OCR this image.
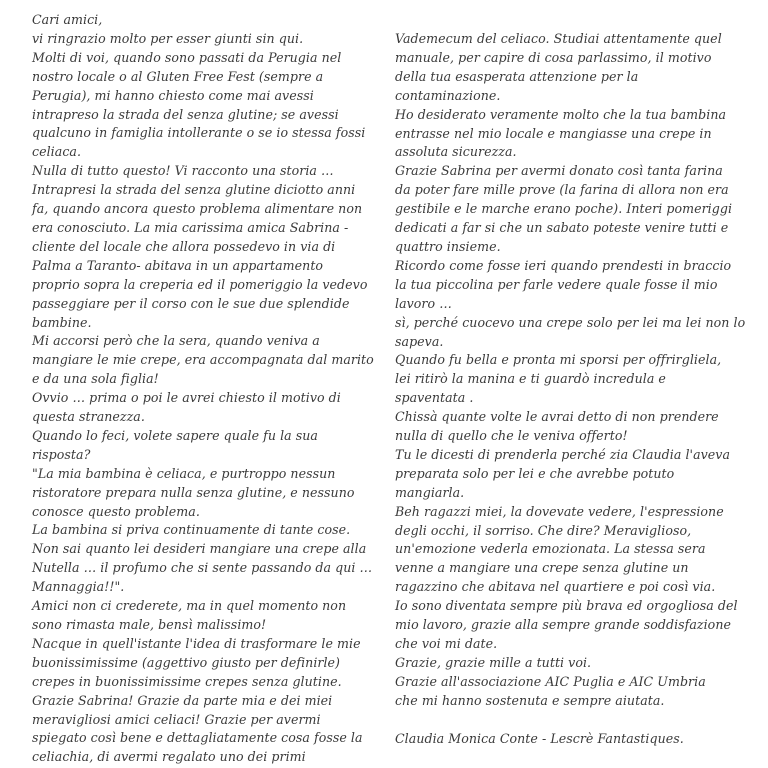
Cari amici,
vi ringrazio molto per esser giunti sin qui.
Molti di voi, quando sono passati da Perugia nel
nostro locale o al Gluten Free Fest (sempre a
Perugia), mi hanno chiesto come mai avessi
intrapreso la strada del senza glutine; se avessi
qualcuno in famiglia intollerante o se io stessa fossi
celiaca.
Nulla di tutto questo! Vi racconto una storia …
Intrapresi la strada del senza glutine diciotto anni
fa, quando ancora questo problema alimentare non
era conosciuto. La mia carissima amica Sabrina -
cliente del locale che allora possedevo in via di
Palma a Taranto- abitava in un appartamento
proprio sopra la creperia ed il pomeriggio la vedevo
passeggiare per il corso con le sue due splendide
bambine.
Mi accorsi però che la sera, quando veniva a
mangiare le mie crepe, era accompagnata dal marito
e da una sola figlia!
Ovvio … prima o poi le avrei chiesto il motivo di
questa stranezza.
Quando lo feci, volete sapere quale fu la sua
risposta?
"La mia bambina è celiaca, e purtroppo nessun
ristoratore prepara nulla senza glutine, e nessuno
conosce questo problema.
La bambina si priva continuamente di tante cose.
Non sai quanto lei desideri mangiare una crepe alla
Nutella … il profumo che si sente passando da qui …
Mannaggia!!".
Amici non ci crederete, ma in quel momento non
sono rimasta male, bensì malissimo!
Nacque in quell'istante l'idea di trasformare le mie
buonissimissime (aggettivo giusto per definirle)
crepes in buonissimissime crepes senza glutine.
Grazie Sabrina! Grazie da parte mia e dei miei
meravigliosi amici celiaci! Grazie per avermi
spiegato così bene e dettagliatamente cosa fosse la
celiachia, di avermi regalato uno dei primi
Vademecum del celiaco. Studiai attentamente quel
manuale, per capire di cosa parlassimo, il motivo
della tua esasperata attenzione per la
contaminazione.
Ho desiderato veramente molto che la tua bambina
entrasse nel mio locale e mangiasse una crepe in
assoluta sicurezza.
Grazie Sabrina per avermi donato così tanta farina
da poter fare mille prove (la farina di allora non era
gestibile e le marche erano poche). Interi pomeriggi
dedicati a far si che un sabato poteste venire tutti e
quattro insieme.
Ricordo come fosse ieri quando prendesti in braccio
la tua piccolina per farle vedere quale fosse il mio
lavoro …
sì, perché cuocevo una crepe solo per lei ma lei non lo
sapeva.
Quando fu bella e pronta mi sporsi per offrirgliela,
lei ritirò la manina e ti guardò incredula e
spaventata .
Chissà quante volte le avrai detto di non prendere
nulla di quello che le veniva offerto!
Tu le dicesti di prenderla perché zia Claudia l'aveva
preparata solo per lei e che avrebbe potuto
mangiarla.
Beh ragazzi miei, la dovevate vedere, l'espressione
degli occhi, il sorriso. Che dire? Meraviglioso,
un'emozione vederla emozionata. La stessa sera
venne a mangiare una crepe senza glutine un
ragazzino che abitava nel quartiere e poi così via.
Io sono diventata sempre più brava ed orgogliosa del
mio lavoro, grazie alla sempre grande soddisfazione
che voi mi date.
Grazie, grazie mille a tutti voi.
Grazie all'associazione AIC Puglia e AIC Umbria
che mi hanno sostenuta e sempre aiutata.
Claudia Monica Conte - Lescrè Fantastiques.
